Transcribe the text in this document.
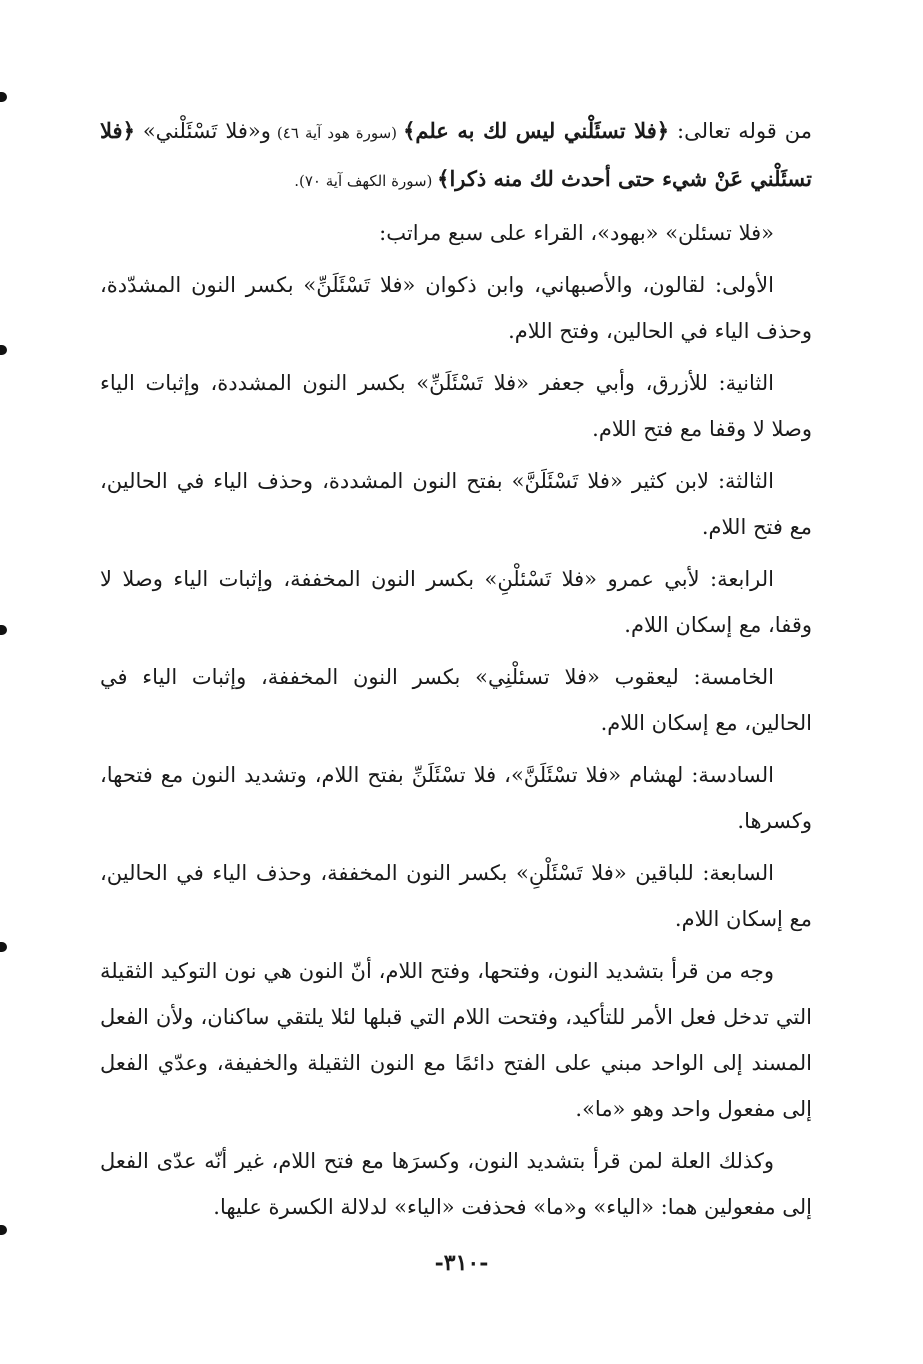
من قوله تعالى: ﴿فلا تسئَلْني ليس لك به علم﴾ (سورة هود آية ٤٦) و«فلا تَسْئَلْني» ﴿فلا تسئَلْني عَنْ شيء حتى أحدث لك منه ذكرا﴾ (سورة الكهف آية ٧٠).

«فلا تسئلن» «بهود»، القراء على سبع مراتب:

الأولى: لقالون، والأصبهاني، وابن ذكوان «فلا تَسْئَلَنِّ» بكسر النون المشدّدة، وحذف الياء في الحالين، وفتح اللام.

الثانية: للأزرق، وأبي جعفر «فلا تَسْئَلَنِّ» بكسر النون المشددة، وإثبات الياء وصلا لا وقفا مع فتح اللام.

الثالثة: لابن كثير «فلا تَسْئَلَنَّ» بفتح النون المشددة، وحذف الياء في الحالين، مع فتح اللام.

الرابعة: لأبي عمرو «فلا تَسْئلْنِ» بكسر النون المخففة، وإثبات الياء وصلا لا وقفا، مع إسكان اللام.

الخامسة: ليعقوب «فلا تسئلْنِي» بكسر النون المخففة، وإثبات الياء في الحالين، مع إسكان اللام.

السادسة: لهشام «فلا تسْئَلَنَّ»، فلا تسْئَلَنِّ بفتح اللام، وتشديد النون مع فتحها، وكسرها.

السابعة: للباقين «فلا تَسْئَلْنِ» بكسر النون المخففة، وحذف الياء في الحالين، مع إسكان اللام.

وجه من قرأ بتشديد النون، وفتحها، وفتح اللام، أنّ النون هي نون التوكيد الثقيلة التي تدخل فعل الأمر للتأكيد، وفتحت اللام التي قبلها لئلا يلتقي ساكنان، ولأن الفعل المسند إلى الواحد مبني على الفتح دائمًا مع النون الثقيلة والخفيفة، وعدّي الفعل إلى مفعول واحد وهو «ما».

وكذلك العلة لمن قرأ بتشديد النون، وكسرَها مع فتح اللام، غير أنّه عدّى الفعل إلى مفعولين هما: «الياء» و«ما» فحذفت «الياء» لدلالة الكسرة عليها.

-٣١٠-
